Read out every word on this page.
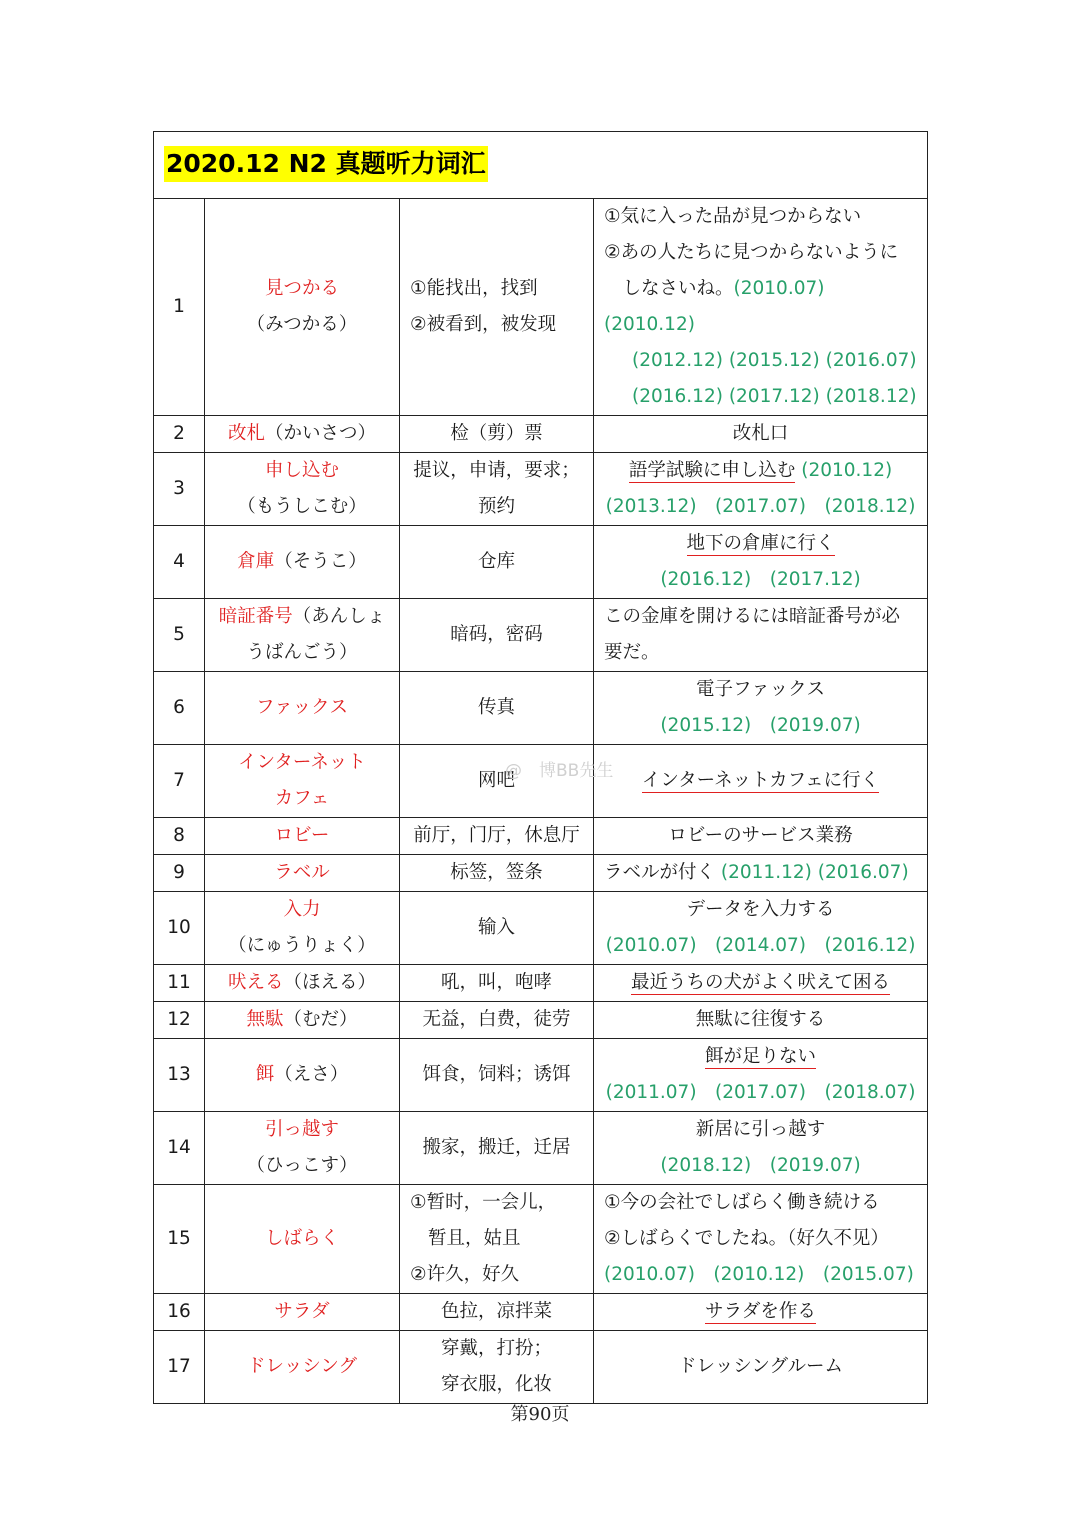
2020.12 N2 真题听力词汇			
1	見つかる（みつかる）	①能找出，找到
②被看到，被发现	①気に入った品が見つからない
②あの人たちに見つからないように
　しなさいね。(2010.07) (2010.12)
(2012.12) (2015.12) (2016.07)
(2016.12) (2017.12) (2018.12)

2	改札（かいさつ）	检（剪）票	改札口
3	申し込む
（もうしこむ）	提议，申请，要求；
预约	語学試験に申し込む (2010.12)
(2013.12)　(2017.07)　(2018.12)

4	倉庫（そうこ）	仓库	地下の倉庫に行く
(2016.12)　(2017.12)

5	暗証番号（あんしょうばんごう）	暗码，密码	この金庫を開けるには暗証番号が必
要だ。

6	ファックス	传真	電子ファックス
(2015.12)　(2019.07)

7	インターネットカフェ	网吧	インターネットカフェに行く
8	ロビー	前厅，门厅，休息厅	ロビーのサービス業務
9	ラベル	标签，签条	ラベルが付く (2011.12) (2016.07)
10	入力（にゅうりょく）	输入	データを入力する
(2010.07)　(2014.07)　(2016.12)

11	吠える（ほえる）	吼，叫，咆哮	最近うちの犬がよく吠えて困る
12	無駄（むだ）	无益，白费，徒劳	無駄に往復する
13	餌（えさ）	饵食，饲料；诱饵	餌が足りない
(2011.07)　(2017.07)　(2018.07)

14	引っ越す（ひっこす）	搬家，搬迁，迁居	新居に引っ越す
(2018.12)　(2019.07)

15	しばらく	①暂时，一会儿，
暂且，姑且
②许久，好久	①今の会社でしばらく働き続ける
②しばらくでしたね。（好久不见）
(2010.07)　(2010.12)　(2015.07)

16	サラダ	色拉，凉拌菜	サラダを作る
17	ドレッシング	穿戴，打扮；
穿衣服，化妆	ドレッシングルーム
@　博BB先生
第90页
